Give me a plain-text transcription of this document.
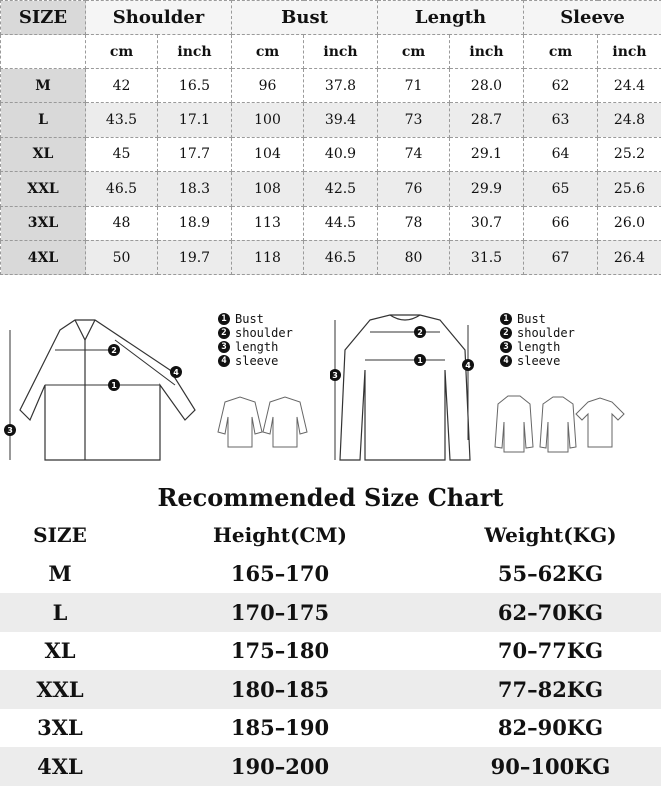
SIZE	Shoulder		Bust		Length		Sleeve	
	cm	inch	cm	inch	cm	inch	cm	inch
M	42	16.5	96	37.8	71	28.0	62	24.4
L	43.5	17.1	100	39.4	73	28.7	63	24.8
XL	45	17.7	104	40.9	74	29.1	64	25.2
XXL	46.5	18.3	108	42.5	76	29.9	65	25.6
3XL	48	18.9	113	44.5	78	30.7	66	26.0
4XL	50	19.7	118	46.5	80	31.5	67	26.4
2
1
3
4
1 Bust
2 shoulder
3 length
4 sleeve
2
1
3
4
1 Bust
2 shoulder
3 length
4 sleeve
Recommended Size Chart
SIZE	Height(CM)	Weight(KG)
M	165–170	55–62KG
L	170–175	62–70KG
XL	175–180	70–77KG
XXL	180–185	77–82KG
3XL	185–190	82–90KG
4XL	190–200	90–100KG
